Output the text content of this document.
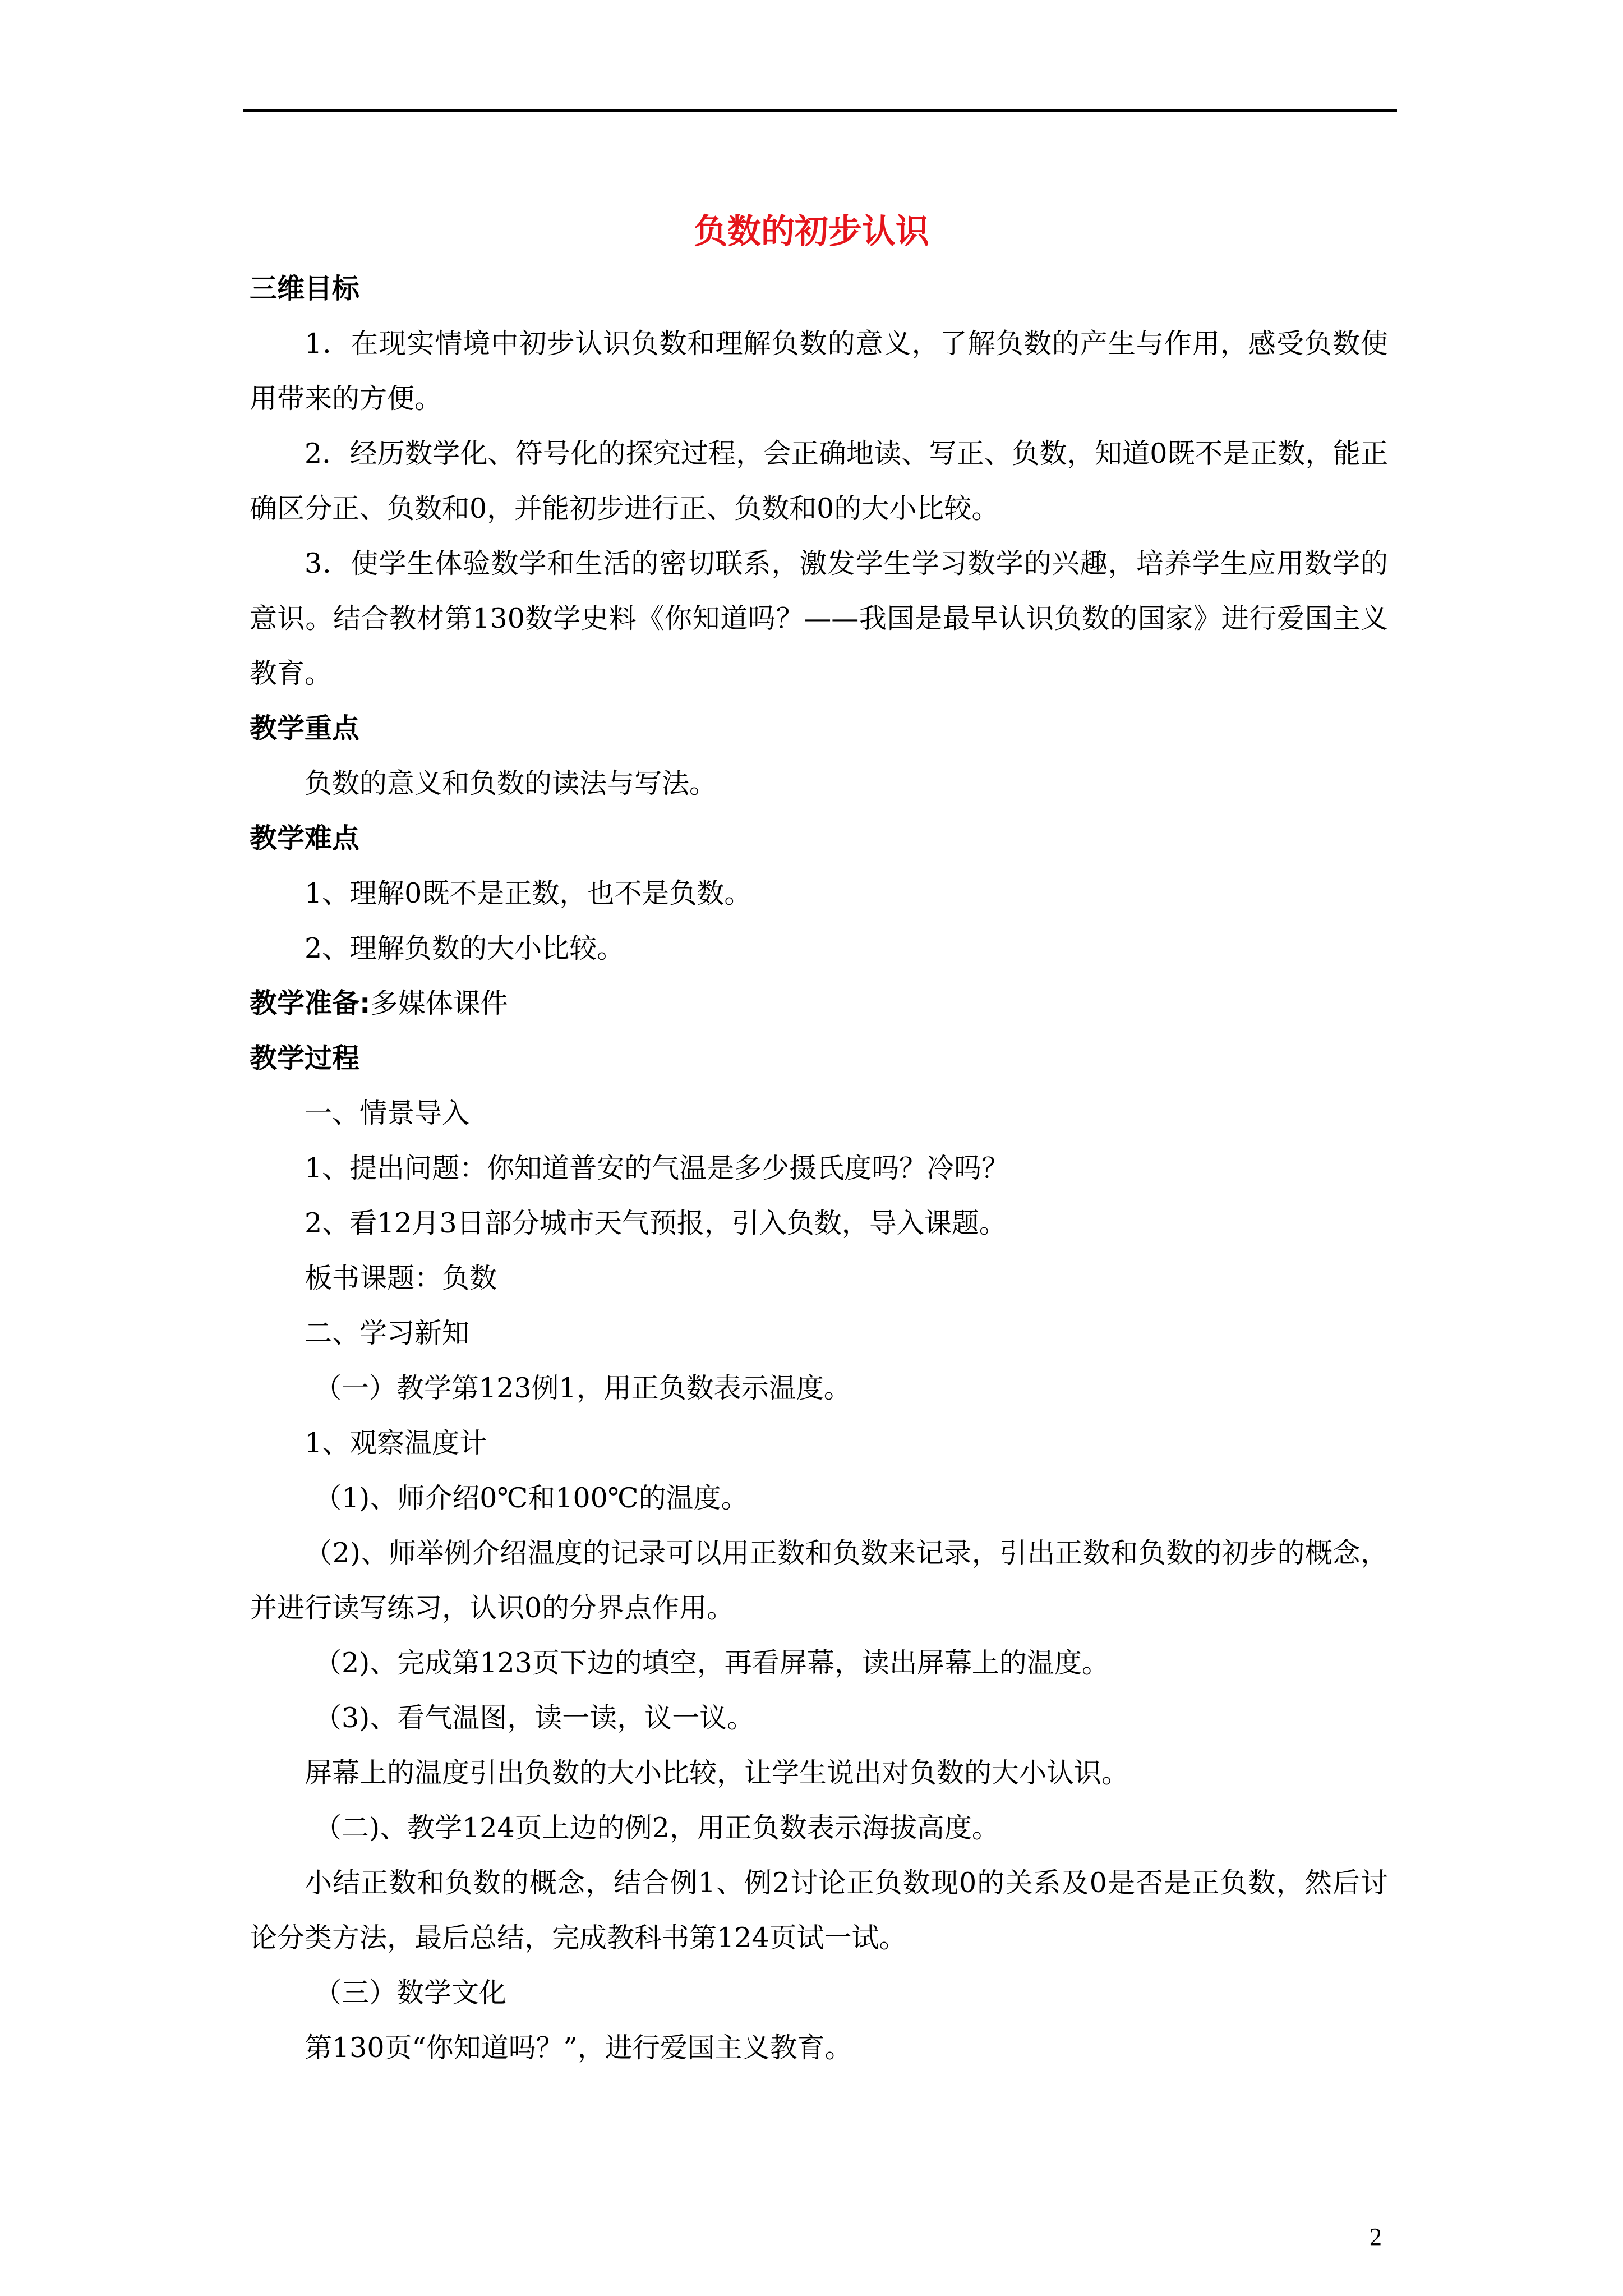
负数的初步认识
三维目标
1．在现实情境中初步认识负数和理解负数的意义，了解负数的产生与作用，感受负数使用带来的方便。
2．经历数学化、符号化的探究过程，会正确地读、写正、负数，知道0既不是正数，能正确区分正、负数和0，并能初步进行正、负数和0的大小比较。
3．使学生体验数学和生活的密切联系，激发学生学习数学的兴趣，培养学生应用数学的意识。结合教材第130数学史料《你知道吗？——我国是最早认识负数的国家》进行爱国主义教育。
教学重点
负数的意义和负数的读法与写法。
教学难点
1、理解0既不是正数，也不是负数。
2、理解负数的大小比较。
教学准备:多媒体课件
教学过程
一、情景导入
1、提出问题：你知道普安的气温是多少摄氏度吗？冷吗？
2、看12月3日部分城市天气预报，引入负数，导入课题。
板书课题：负数
二、学习新知
（一）教学第123例1，用正负数表示温度。
1、观察温度计
（1)、师介绍0℃和100℃的温度。
（2)、师举例介绍温度的记录可以用正数和负数来记录，引出正数和负数的初步的概念，并进行读写练习，认识0的分界点作用。
（2)、完成第123页下边的填空，再看屏幕，读出屏幕上的温度。
（3)、看气温图，读一读，议一议。
屏幕上的温度引出负数的大小比较，让学生说出对负数的大小认识。
（二)、教学124页上边的例2，用正负数表示海拔高度。
小结正数和负数的概念，结合例1、例2讨论正负数现0的关系及0是否是正负数，然后讨论分类方法，最后总结，完成教科书第124页试一试。
（三）数学文化
第130页“你知道吗？”，进行爱国主义教育。
2
